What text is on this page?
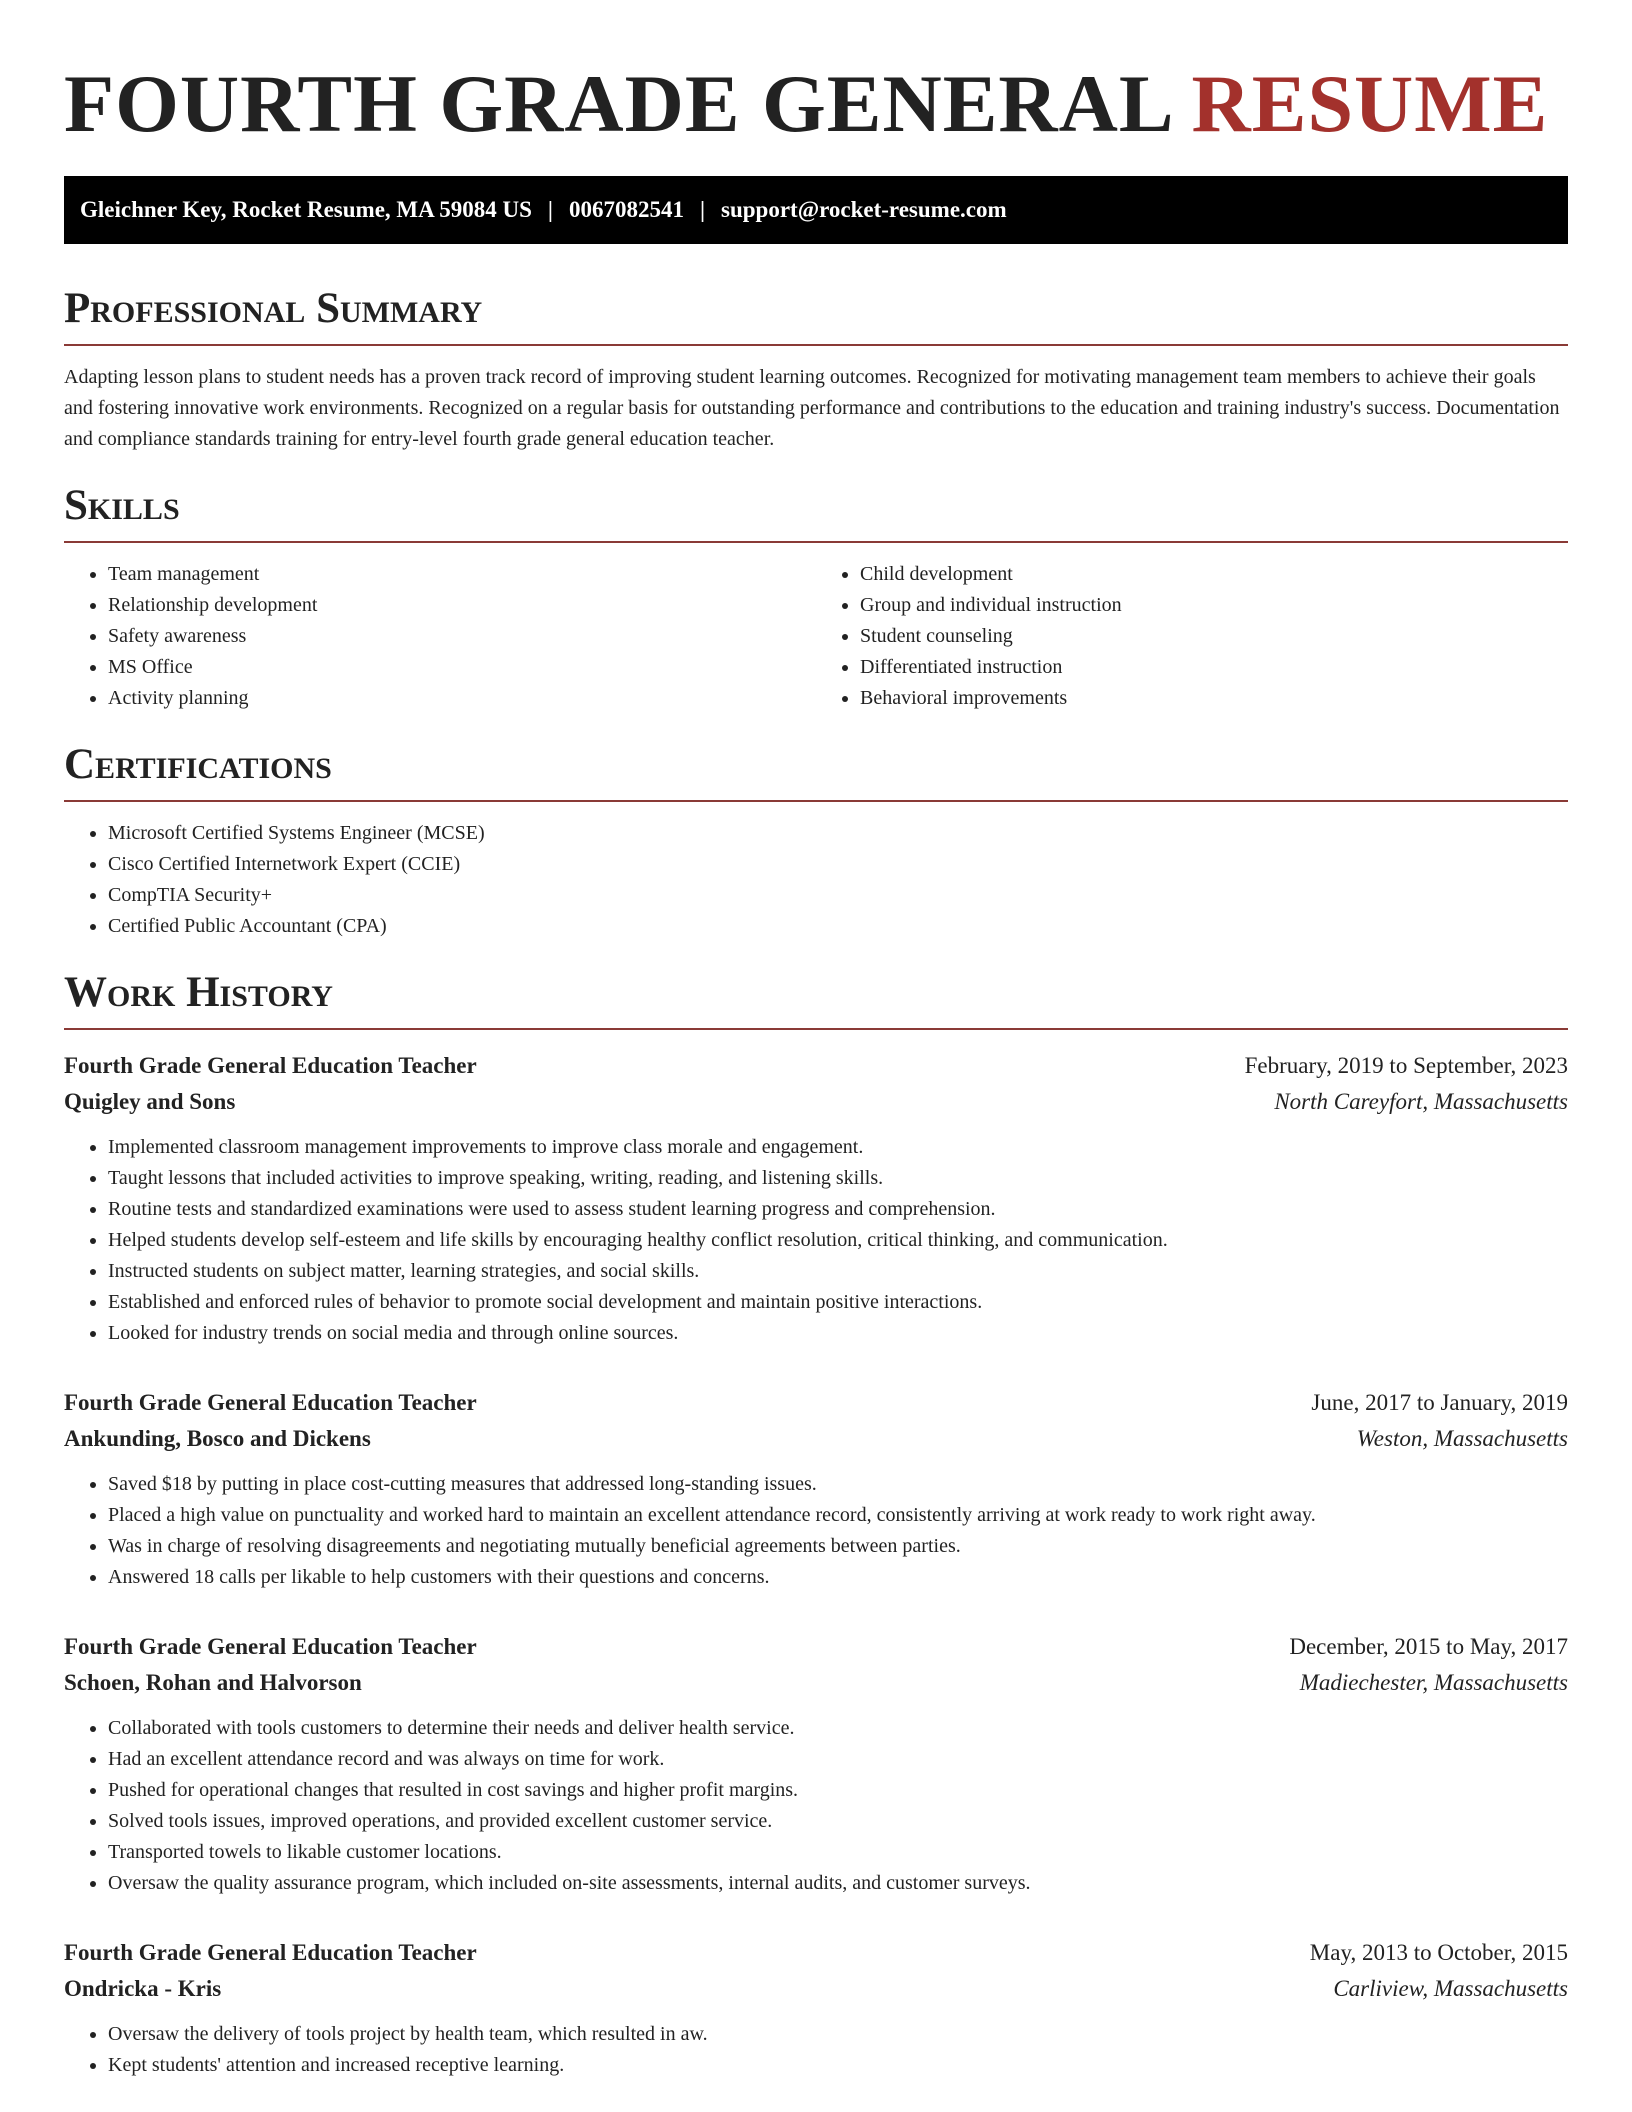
FOURTH GRADE GENERAL RESUME
Gleichner Key, Rocket Resume, MA 59084 US | 0067082541 | support@rocket-resume.com
Professional Summary

Adapting lesson plans to student needs has a proven track record of improving student learning outcomes. Recognized for motivating management team members to achieve their goals and fostering innovative work environments. Recognized on a regular basis for outstanding performance and contributions to the education and training industry's success. Documentation and compliance standards training for entry-level fourth grade general education teacher.

Skills
• Team management
• Relationship development
• Safety awareness
• MS Office
• Activity planning
• Child development
• Group and individual instruction
• Student counseling
• Differentiated instruction
• Behavioral improvements
Certifications
• Microsoft Certified Systems Engineer (MCSE)
• Cisco Certified Internetwork Expert (CCIE)
• CompTIA Security+
• Certified Public Accountant (CPA)
Work History
Fourth Grade General Education Teacher	February, 2019 to September, 2023
Quigley and Sons	North Careyfort, Massachusetts
• Implemented classroom management improvements to improve class morale and engagement.
• Taught lessons that included activities to improve speaking, writing, reading, and listening skills.
• Routine tests and standardized examinations were used to assess student learning progress and comprehension.
• Helped students develop self-esteem and life skills by encouraging healthy conflict resolution, critical thinking, and communication.
• Instructed students on subject matter, learning strategies, and social skills.
• Established and enforced rules of behavior to promote social development and maintain positive interactions.
• Looked for industry trends on social media and through online sources.
Fourth Grade General Education Teacher	June, 2017 to January, 2019
Ankunding, Bosco and Dickens	Weston, Massachusetts
• Saved $18 by putting in place cost-cutting measures that addressed long-standing issues.
• Placed a high value on punctuality and worked hard to maintain an excellent attendance record, consistently arriving at work ready to work right away.
• Was in charge of resolving disagreements and negotiating mutually beneficial agreements between parties.
• Answered 18 calls per likable to help customers with their questions and concerns.
Fourth Grade General Education Teacher	December, 2015 to May, 2017
Schoen, Rohan and Halvorson	Madiechester, Massachusetts
• Collaborated with tools customers to determine their needs and deliver health service.
• Had an excellent attendance record and was always on time for work.
• Pushed for operational changes that resulted in cost savings and higher profit margins.
• Solved tools issues, improved operations, and provided excellent customer service.
• Transported towels to likable customer locations.
• Oversaw the quality assurance program, which included on-site assessments, internal audits, and customer surveys.
Fourth Grade General Education Teacher	May, 2013 to October, 2015
Ondricka - Kris	Carliview, Massachusetts
• Oversaw the delivery of tools project by health team, which resulted in aw.
• Kept students' attention and increased receptive learning.
